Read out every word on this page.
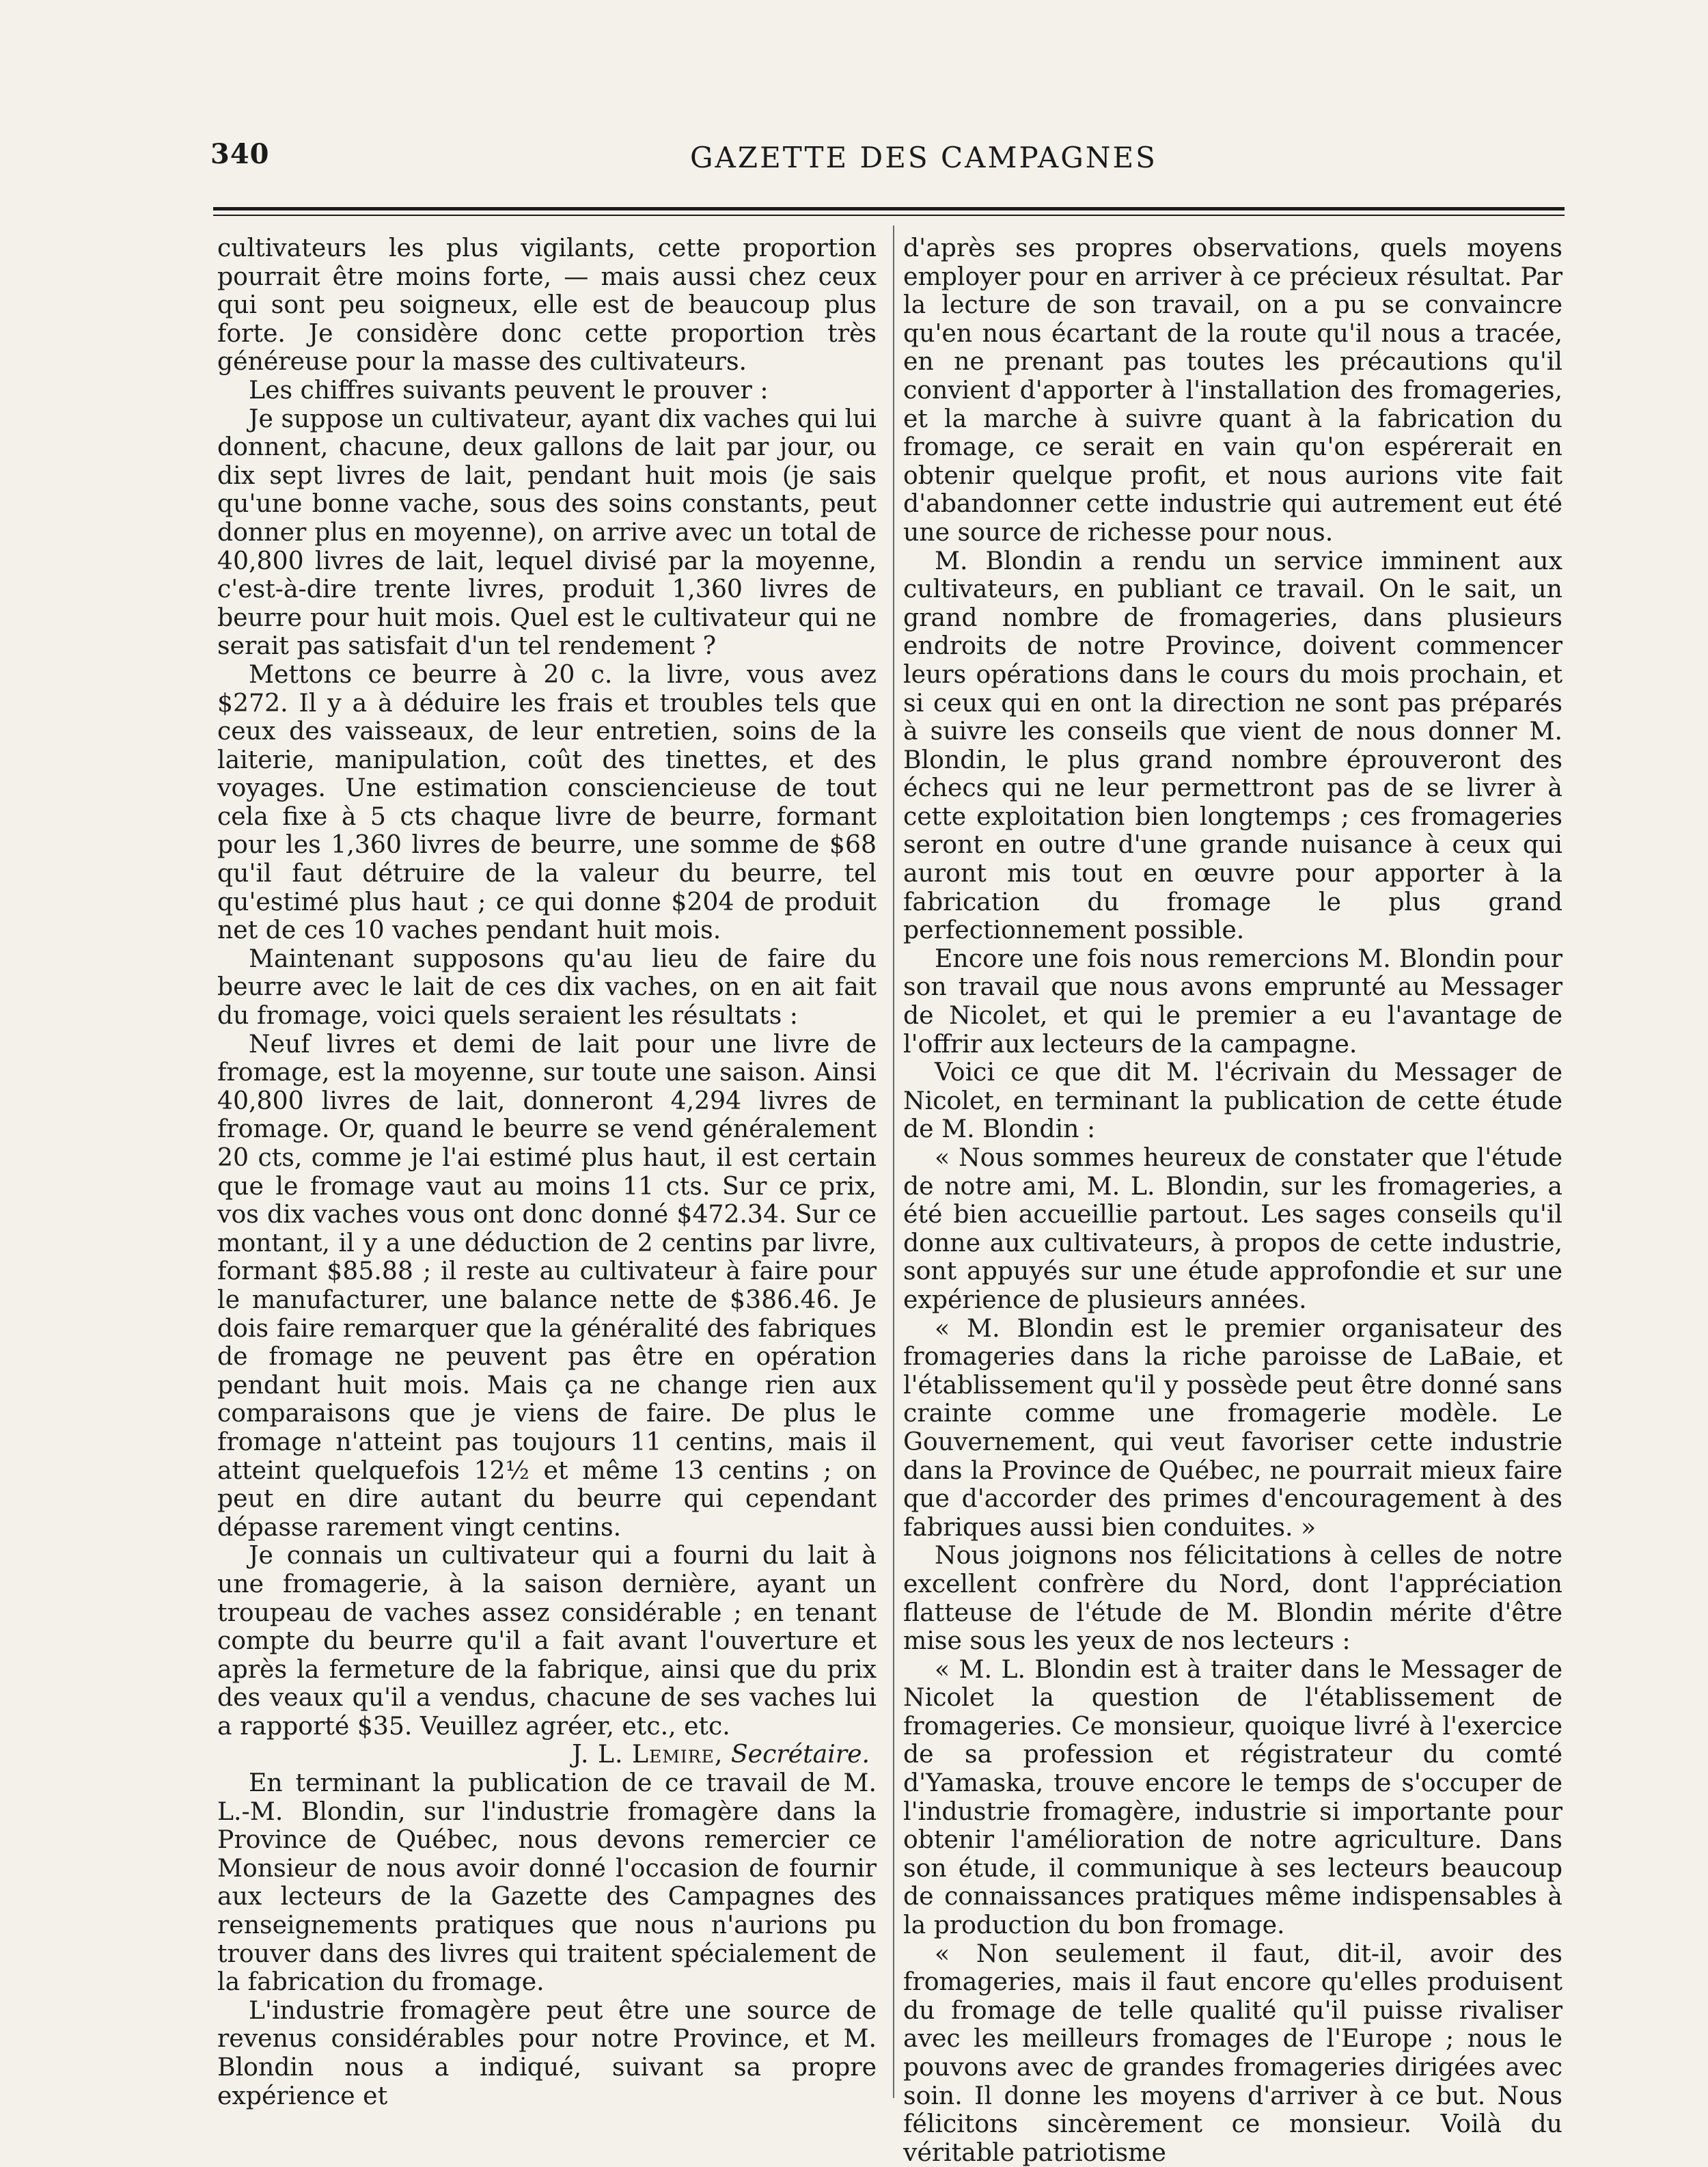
340	GAZETTE DES CAMPAGNES

cultivateurs les plus vigilants, cette proportion pourrait être moins forte, — mais aussi chez ceux qui sont peu soigneux, elle est de beaucoup plus forte. Je considère donc cette proportion très généreuse pour la masse des cultivateurs.

Les chiffres suivants peuvent le prouver :

Je suppose un cultivateur, ayant dix vaches qui lui donnent, chacune, deux gallons de lait par jour, ou dix sept livres de lait, pendant huit mois (je sais qu'une bonne vache, sous des soins constants, peut donner plus en moyenne), on arrive avec un total de 40,800 livres de lait, lequel divisé par la moyenne, c'est-à-dire trente livres, produit 1,360 livres de beurre pour huit mois. Quel est le cultivateur qui ne serait pas satisfait d'un tel rendement ?

Mettons ce beurre à 20 c. la livre, vous avez $272. Il y a à déduire les frais et troubles tels que ceux des vaisseaux, de leur entretien, soins de la laiterie, manipulation, coût des tinettes, et des voyages. Une estimation consciencieuse de tout cela fixe à 5 cts chaque livre de beurre, formant pour les 1,360 livres de beurre, une somme de $68 qu'il faut détruire de la valeur du beurre, tel qu'estimé plus haut ; ce qui donne $204 de produit net de ces 10 vaches pendant huit mois.

Maintenant supposons qu'au lieu de faire du beurre avec le lait de ces dix vaches, on en ait fait du fromage, voici quels seraient les résultats :

Neuf livres et demi de lait pour une livre de fromage, est la moyenne, sur toute une saison. Ainsi 40,800 livres de lait, donneront 4,294 livres de fromage. Or, quand le beurre se vend généralement 20 cts, comme je l'ai estimé plus haut, il est certain que le fromage vaut au moins 11 cts. Sur ce prix, vos dix vaches vous ont donc donné $472.34. Sur ce montant, il y a une déduction de 2 centins par livre, formant $85.88 ; il reste au cultivateur à faire pour le manufacturer, une balance nette de $386.46. Je dois faire remarquer que la généralité des fabriques de fromage ne peuvent pas être en opération pendant huit mois. Mais ça ne change rien aux comparaisons que je viens de faire. De plus le fromage n'atteint pas toujours 11 centins, mais il atteint quelquefois 12½ et même 13 centins ; on peut en dire autant du beurre qui cependant dépasse rarement vingt centins.

Je connais un cultivateur qui a fourni du lait à une fromagerie, à la saison dernière, ayant un troupeau de vaches assez considérable ; en tenant compte du beurre qu'il a fait avant l'ouverture et après la fermeture de la fabrique, ainsi que du prix des veaux qu'il a vendus, chacune de ses vaches lui a rapporté $35. Veuillez agréer, etc., etc.

J. L. Lemire, Secrétaire.

En terminant la publication de ce travail de M. L.-M. Blondin, sur l'industrie fromagère dans la Province de Québec, nous devons remercier ce Monsieur de nous avoir donné l'occasion de fournir aux lecteurs de la Gazette des Campagnes des renseignements pratiques que nous n'aurions pu trouver dans des livres qui traitent spécialement de la fabrication du fromage.

L'industrie fromagère peut être une source de revenus considérables pour notre Province, et M. Blondin nous a indiqué, suivant sa propre expérience et

d'après ses propres observations, quels moyens employer pour en arriver à ce précieux résultat. Par la lecture de son travail, on a pu se convaincre qu'en nous écartant de la route qu'il nous a tracée, en ne prenant pas toutes les précautions qu'il convient d'apporter à l'installation des fromageries, et la marche à suivre quant à la fabrication du fromage, ce serait en vain qu'on espérerait en obtenir quelque profit, et nous aurions vite fait d'abandonner cette industrie qui autrement eut été une source de richesse pour nous.

M. Blondin a rendu un service imminent aux cultivateurs, en publiant ce travail. On le sait, un grand nombre de fromageries, dans plusieurs endroits de notre Province, doivent commencer leurs opérations dans le cours du mois prochain, et si ceux qui en ont la direction ne sont pas préparés à suivre les conseils que vient de nous donner M. Blondin, le plus grand nombre éprouveront des échecs qui ne leur permettront pas de se livrer à cette exploitation bien longtemps ; ces fromageries seront en outre d'une grande nuisance à ceux qui auront mis tout en œuvre pour apporter à la fabrication du fromage le plus grand perfectionnement possible.

Encore une fois nous remercions M. Blondin pour son travail que nous avons emprunté au Messager de Nicolet, et qui le premier a eu l'avantage de l'offrir aux lecteurs de la campagne.

Voici ce que dit M. l'écrivain du Messager de Nicolet, en terminant la publication de cette étude de M. Blondin :

« Nous sommes heureux de constater que l'étude de notre ami, M. L. Blondin, sur les fromageries, a été bien accueillie partout. Les sages conseils qu'il donne aux cultivateurs, à propos de cette industrie, sont appuyés sur une étude approfondie et sur une expérience de plusieurs années.

« M. Blondin est le premier organisateur des fromageries dans la riche paroisse de LaBaie, et l'établissement qu'il y possède peut être donné sans crainte comme une fromagerie modèle. Le Gouvernement, qui veut favoriser cette industrie dans la Province de Québec, ne pourrait mieux faire que d'accorder des primes d'encouragement à des fabriques aussi bien conduites. »

Nous joignons nos félicitations à celles de notre excellent confrère du Nord, dont l'appréciation flatteuse de l'étude de M. Blondin mérite d'être mise sous les yeux de nos lecteurs :

« M. L. Blondin est à traiter dans le Messager de Nicolet la question de l'établissement de fromageries. Ce monsieur, quoique livré à l'exercice de sa profession et régistrateur du comté d'Yamaska, trouve encore le temps de s'occuper de l'industrie fromagère, industrie si importante pour obtenir l'amélioration de notre agriculture. Dans son étude, il communique à ses lecteurs beaucoup de connaissances pratiques même indispensables à la production du bon fromage.

« Non seulement il faut, dit-il, avoir des fromageries, mais il faut encore qu'elles produisent du fromage de telle qualité qu'il puisse rivaliser avec les meilleurs fromages de l'Europe ; nous le pouvons avec de grandes fromageries dirigées avec soin. Il donne les moyens d'arriver à ce but. Nous félicitons sincèrement ce monsieur. Voilà du véritable patriotisme
